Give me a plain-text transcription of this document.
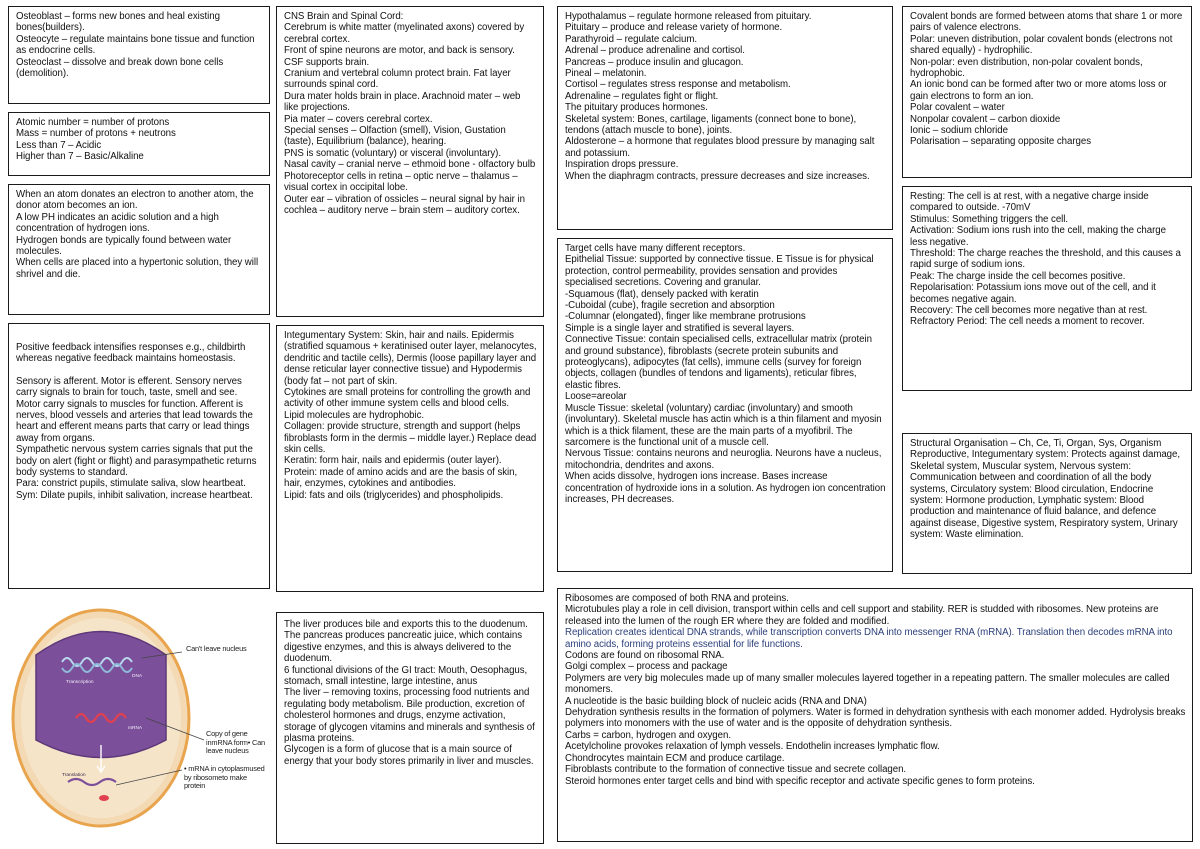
Osteoblast – forms new bones and heal existing bones(builders).
Osteocyte – regulate maintains bone tissue and function as endocrine cells.
Osteoclast – dissolve and break down bone cells (demolition).
Atomic number = number of protons
Mass = number of protons + neutrons
Less than 7 – Acidic
Higher than 7 – Basic/Alkaline
When an atom donates an electron to another atom, the donor atom becomes an ion.
A low PH indicates an acidic solution and a high concentration of hydrogen ions.
Hydrogen bonds are typically found between water molecules.
When cells are placed into a hypertonic solution, they will shrivel and die.
Positive feedback intensifies responses e.g., childbirth whereas negative feedback maintains homeostasis.
Sensory is afferent. Motor is efferent. Sensory nerves carry signals to brain for touch, taste, smell and see. Motor carry signals to muscles for function. Afferent is nerves, blood vessels and arteries that lead towards the heart and efferent means parts that carry or lead things away from organs.
Sympathetic nervous system carries signals that put the body on alert (fight or flight) and parasympathetic returns body systems to standard.
Para: constrict pupils, stimulate saliva, slow heartbeat. Sym: Dilate pupils, inhibit salivation, increase heartbeat.
CNS Brain and Spinal Cord:
Cerebrum is white matter (myelinated axons) covered by cerebral cortex.
Front of spine neurons are motor, and back is sensory.
CSF supports brain.
Cranium and vertebral column protect brain. Fat layer surrounds spinal cord.
Dura mater holds brain in place. Arachnoid mater – web like projections.
Pia mater – covers cerebral cortex.
Special senses – Olfaction (smell), Vision, Gustation (taste), Equilibrium (balance), hearing.
PNS is somatic (voluntary) or visceral (involuntary).
Nasal cavity – cranial nerve – ethmoid bone - olfactory bulb
Photoreceptor cells in retina – optic nerve – thalamus – visual cortex in occipital lobe.
Outer ear – vibration of ossicles – neural signal by hair in cochlea – auditory nerve – brain stem – auditory cortex.
Integumentary System: Skin, hair and nails. Epidermis (stratified squamous + keratinised outer layer, melanocytes, dendritic and tactile cells), Dermis (loose papillary layer and dense reticular layer connective tissue) and Hypodermis (body fat – not part of skin.
Cytokines are small proteins for controlling the growth and activity of other immune system cells and blood cells.
Lipid molecules are hydrophobic.
Collagen: provide structure, strength and support (helps fibroblasts form in the dermis – middle layer.) Replace dead skin cells.
Keratin: form hair, nails and epidermis (outer layer).
Protein: made of amino acids and are the basis of skin, hair, enzymes, cytokines and antibodies.
Lipid: fats and oils (triglycerides) and phospholipids.
The liver produces bile and exports this to the duodenum. The pancreas produces pancreatic juice, which contains digestive enzymes, and this is always delivered to the duodenum.
6 functional divisions of the GI tract: Mouth, Oesophagus, stomach, small intestine, large intestine, anus
The liver – removing toxins, processing food nutrients and regulating body metabolism. Bile production, excretion of cholesterol hormones and drugs, enzyme activation, storage of glycogen vitamins and minerals and synthesis of plasma proteins.
Glycogen is a form of glucose that is a main source of energy that your body stores primarily in liver and muscles.
Hypothalamus – regulate hormone released from pituitary.
Pituitary – produce and release variety of hormone.
Parathyroid – regulate calcium.
Adrenal – produce adrenaline and cortisol.
Pancreas – produce insulin and glucagon.
Pineal – melatonin.
Cortisol – regulates stress response and metabolism.
Adrenaline – regulates fight or flight.
The pituitary produces hormones.
Skeletal system: Bones, cartilage, ligaments (connect bone to bone), tendons (attach muscle to bone), joints.
Aldosterone – a hormone that regulates blood pressure by managing salt and potassium.
Inspiration drops pressure.
When the diaphragm contracts, pressure decreases and size increases.
Target cells have many different receptors.
Epithelial Tissue: supported by connective tissue. E Tissue is for physical protection, control permeability, provides sensation and provides specialised secretions. Covering and granular.
-Squamous (flat), densely packed with keratin
-Cuboidal (cube), fragile secretion and absorption
-Columnar (elongated), finger like membrane protrusions
Simple is a single layer and stratified is several layers.
Connective Tissue: contain specialised cells, extracellular matrix (protein and ground substance), fibroblasts (secrete protein subunits and proteoglycans), adipocytes (fat cells), immune cells (survey for foreign objects, collagen (bundles of tendons and ligaments), reticular fibres, elastic fibres.
Loose=areolar
Muscle Tissue: skeletal (voluntary) cardiac (involuntary) and smooth (involuntary). Skeletal muscle has actin which is a thin filament and myosin which is a thick filament, these are the main parts of a myofibril. The sarcomere is the functional unit of a muscle cell.
Nervous Tissue: contains neurons and neuroglia. Neurons have a nucleus, mitochondria, dendrites and axons.
When acids dissolve, hydrogen ions increase. Bases increase concentration of hydroxide ions in a solution. As hydrogen ion concentration increases, PH decreases.
Ribosomes are composed of both RNA and proteins.
Microtubules play a role in cell division, transport within cells and cell support and stability. RER is studded with ribosomes. New proteins are released into the lumen of the rough ER where they are folded and modified.
Replication creates identical DNA strands, while transcription converts DNA into messenger RNA (mRNA). Translation then decodes mRNA into amino acids, forming proteins essential for life functions.
Codons are found on ribosomal RNA.
Golgi complex – process and package
Polymers are very big molecules made up of many smaller molecules layered together in a repeating pattern. The smaller molecules are called monomers.
A nucleotide is the basic building block of nucleic acids (RNA and DNA)
Dehydration synthesis results in the formation of polymers. Water is formed in dehydration synthesis with each monomer added. Hydrolysis breaks polymers into monomers with the use of water and is the opposite of dehydration synthesis.
Carbs = carbon, hydrogen and oxygen.
Acetylcholine provokes relaxation of lymph vessels. Endothelin increases lymphatic flow.
Chondrocytes maintain ECM and produce cartilage.
Fibroblasts contribute to the formation of connective tissue and secrete collagen.
Steroid hormones enter target cells and bind with specific receptor and activate specific genes to form proteins.
Covalent bonds are formed between atoms that share 1 or more pairs of valence electrons.
Polar: uneven distribution, polar covalent bonds (electrons not shared equally) - hydrophilic.
Non-polar: even distribution, non-polar covalent bonds, hydrophobic.
An ionic bond can be formed after two or more atoms loss or gain electrons to form an ion.
Polar covalent – water
Nonpolar covalent – carbon dioxide
Ionic – sodium chloride
Polarisation – separating opposite charges
Resting: The cell is at rest, with a negative charge inside compared to outside. -70mV
Stimulus: Something triggers the cell.
Activation: Sodium ions rush into the cell, making the charge less negative.
Threshold: The charge reaches the threshold, and this causes a rapid surge of sodium ions.
Peak: The charge inside the cell becomes positive.
Repolarisation: Potassium ions move out of the cell, and it becomes negative again.
Recovery: The cell becomes more negative than at rest.
Refractory Period: The cell needs a moment to recover.
Structural Organisation – Ch, Ce, Ti, Organ, Sys, Organism
Reproductive, Integumentary system: Protects against damage, Skeletal system, Muscular system, Nervous system: Communication between and coordination of all the body systems, Circulatory system: Blood circulation, Endocrine system: Hormone production, Lymphatic system: Blood production and maintenance of fluid balance, and defence against disease, Digestive system, Respiratory system, Urinary system: Waste elimination.
Transcription
DNA
mRNA
Translation
Can't leave nucleus
Copy of gene inmRNA form• Can leave nucleus
• mRNA in cytoplasmused by ribosometo make protein
